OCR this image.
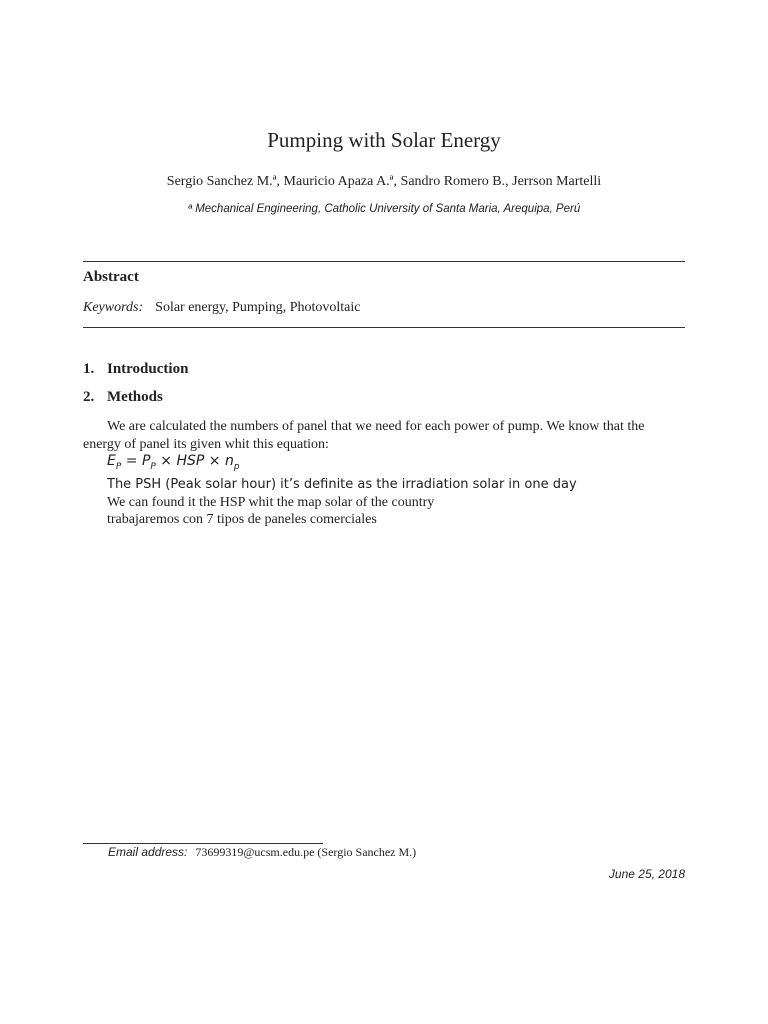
Pumping with Solar Energy
Sergio Sanchez M.ª, Mauricio Apaza A.ª, Sandro Romero B., Jerrson Martelli
ª Mechanical Engineering, Catholic University of Santa Maria, Arequipa, Perú
Abstract
Keywords: Solar energy, Pumping, Photovoltaic
1. Introduction
2. Methods
We are calculated the numbers of panel that we need for each power of pump. We know that the energy of panel its given whit this equation:
$E_P = P_P$ × HSP × $n_p$
The PSH (Peak solar hour) it’s definite as the irradiation solar in one day
We can found it the HSP whit the map solar of the country
trabajaremos con 7 tipos de paneles comerciales
Email address: 73699319@ucsm.edu.pe (Sergio Sanchez M.)
June 25, 2018
